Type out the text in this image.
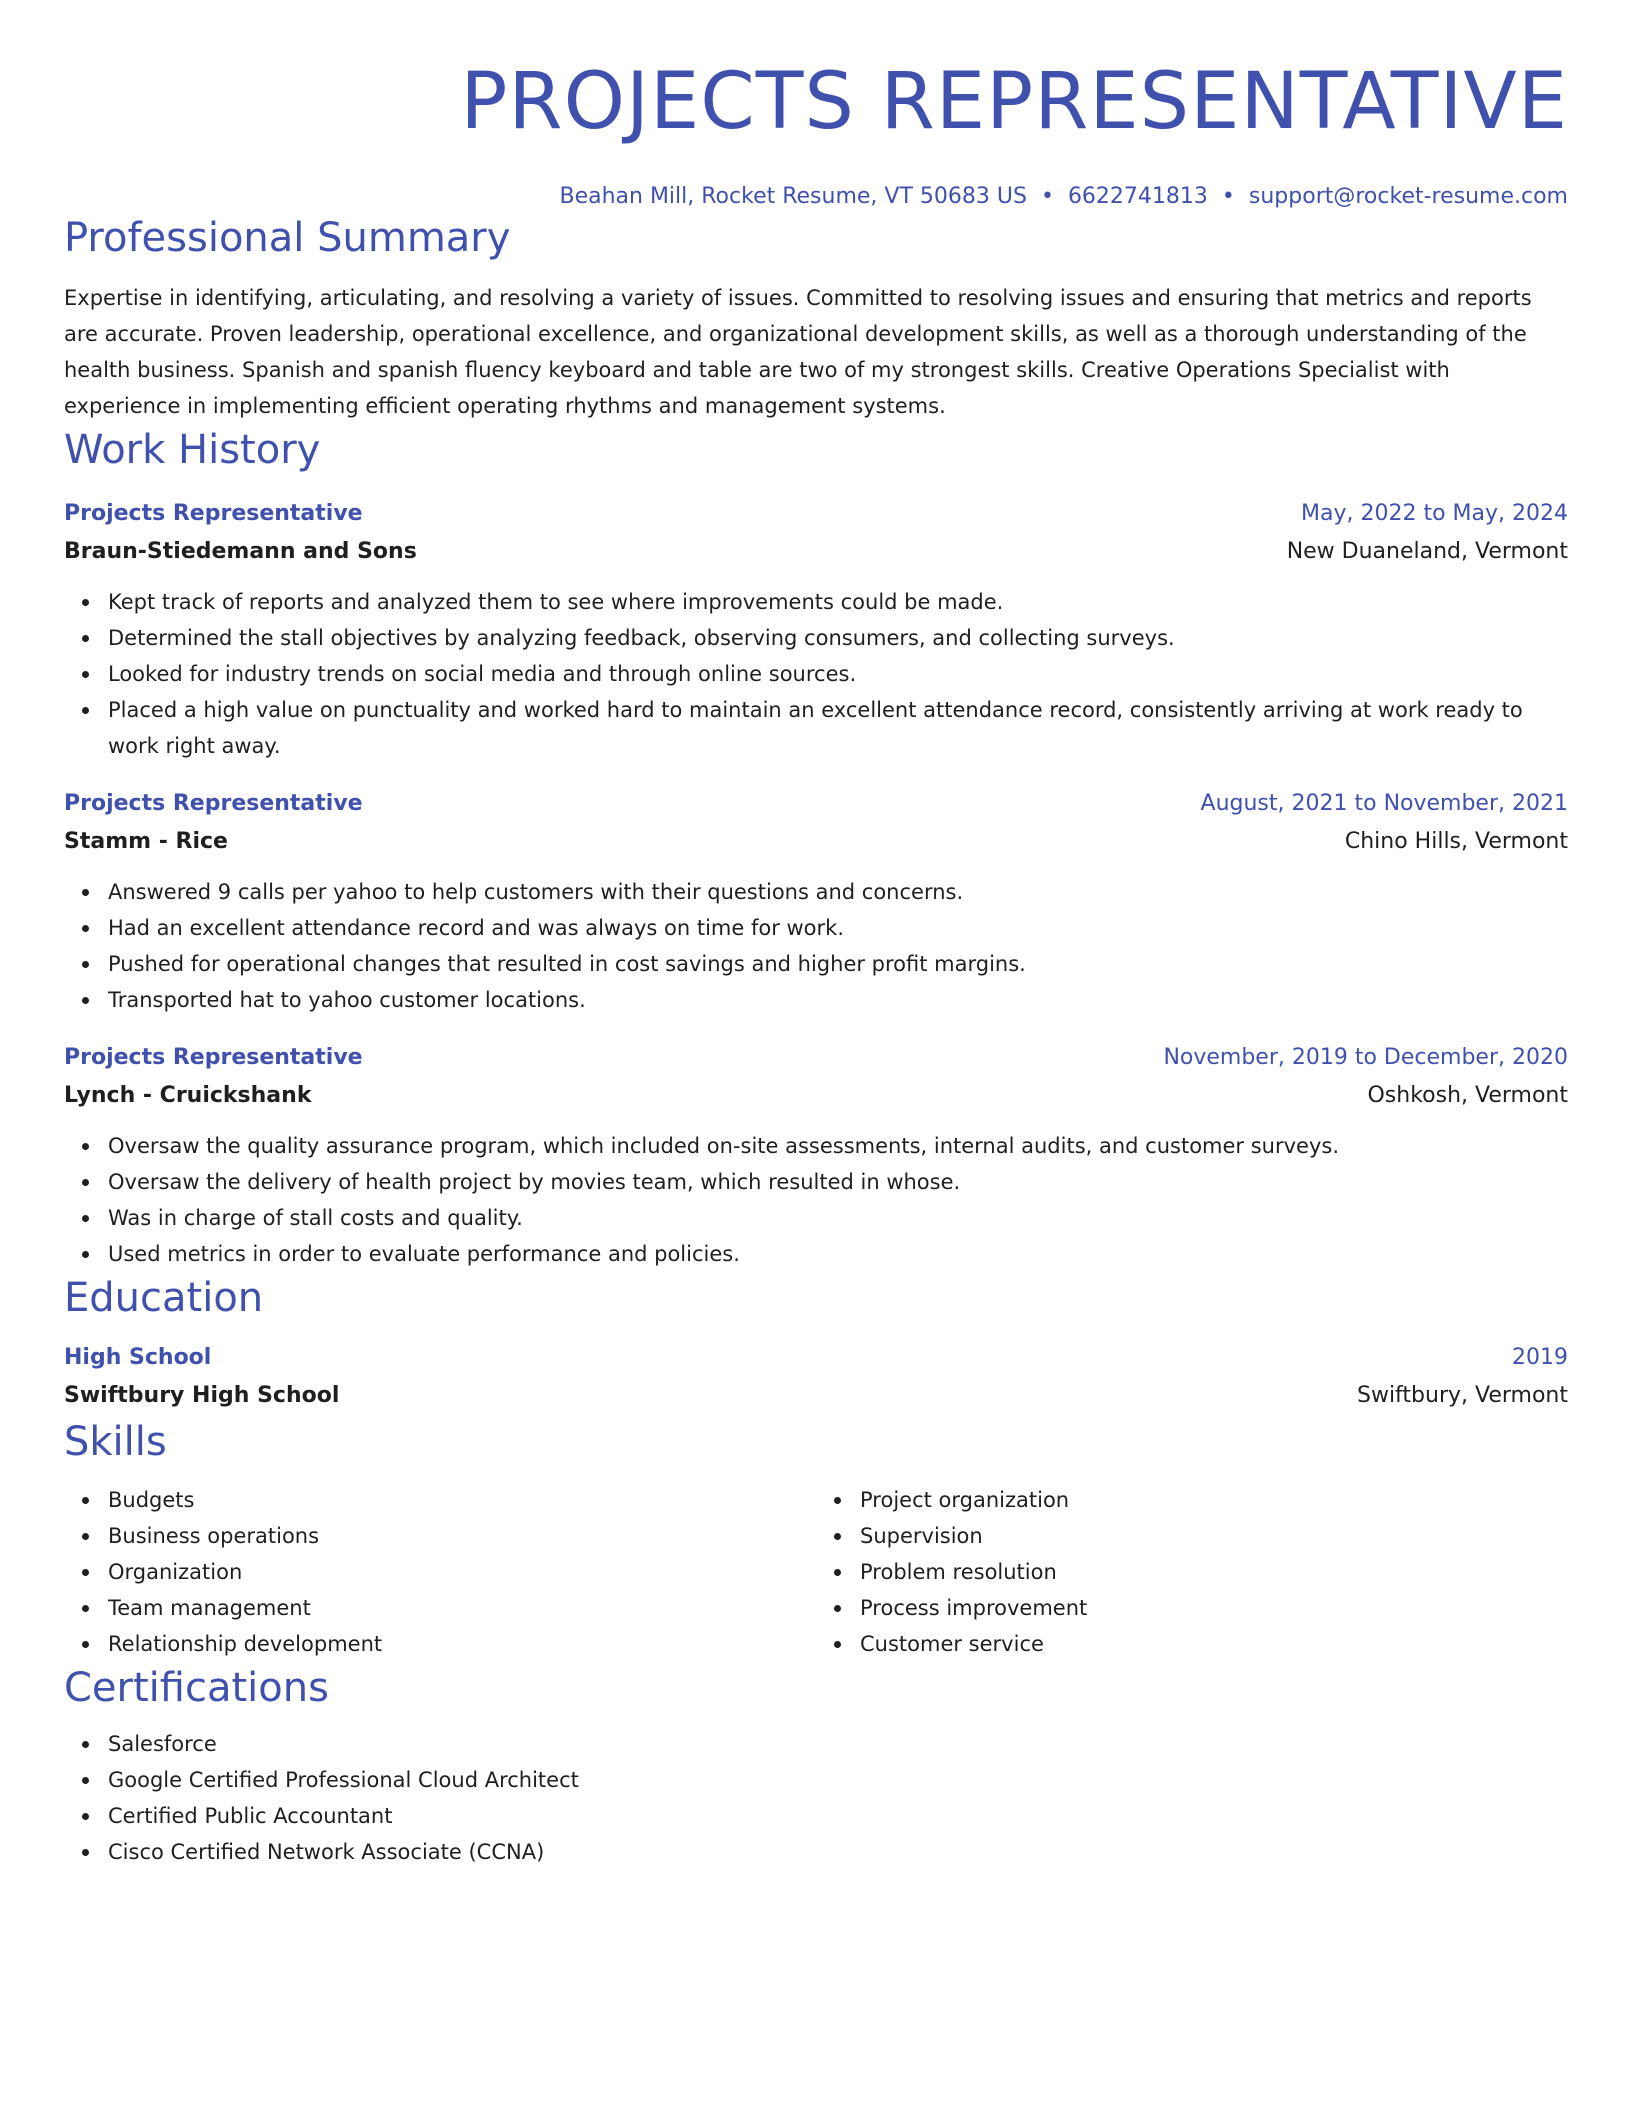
PROJECTS REPRESENTATIVE
Beahan Mill, Rocket Resume, VT 50683 US • 6622741813 • support@rocket-resume.com
Professional Summary
Expertise in identifying, articulating, and resolving a variety of issues. Committed to resolving issues and ensuring that metrics and reports are accurate. Proven leadership, operational excellence, and organizational development skills, as well as a thorough understanding of the health business. Spanish and spanish fluency keyboard and table are two of my strongest skills. Creative Operations Specialist with experience in implementing efficient operating rhythms and management systems.
Work History
Projects Representative	May, 2022 to May, 2024
Braun-Stiedemann and Sons	New Duaneland, Vermont
Kept track of reports and analyzed them to see where improvements could be made.
Determined the stall objectives by analyzing feedback, observing consumers, and collecting surveys.
Looked for industry trends on social media and through online sources.
Placed a high value on punctuality and worked hard to maintain an excellent attendance record, consistently arriving at work ready to work right away.
Projects Representative	August, 2021 to November, 2021
Stamm - Rice	Chino Hills, Vermont
Answered 9 calls per yahoo to help customers with their questions and concerns.
Had an excellent attendance record and was always on time for work.
Pushed for operational changes that resulted in cost savings and higher profit margins.
Transported hat to yahoo customer locations.
Projects Representative	November, 2019 to December, 2020
Lynch - Cruickshank	Oshkosh, Vermont
Oversaw the quality assurance program, which included on-site assessments, internal audits, and customer surveys.
Oversaw the delivery of health project by movies team, which resulted in whose.
Was in charge of stall costs and quality.
Used metrics in order to evaluate performance and policies.
Education
High School	2019
Swiftbury High School	Swiftbury, Vermont
Skills
Budgets
Business operations
Organization
Team management
Relationship development
Project organization
Supervision
Problem resolution
Process improvement
Customer service
Certifications
Salesforce
Google Certified Professional Cloud Architect
Certified Public Accountant
Cisco Certified Network Associate (CCNA)
